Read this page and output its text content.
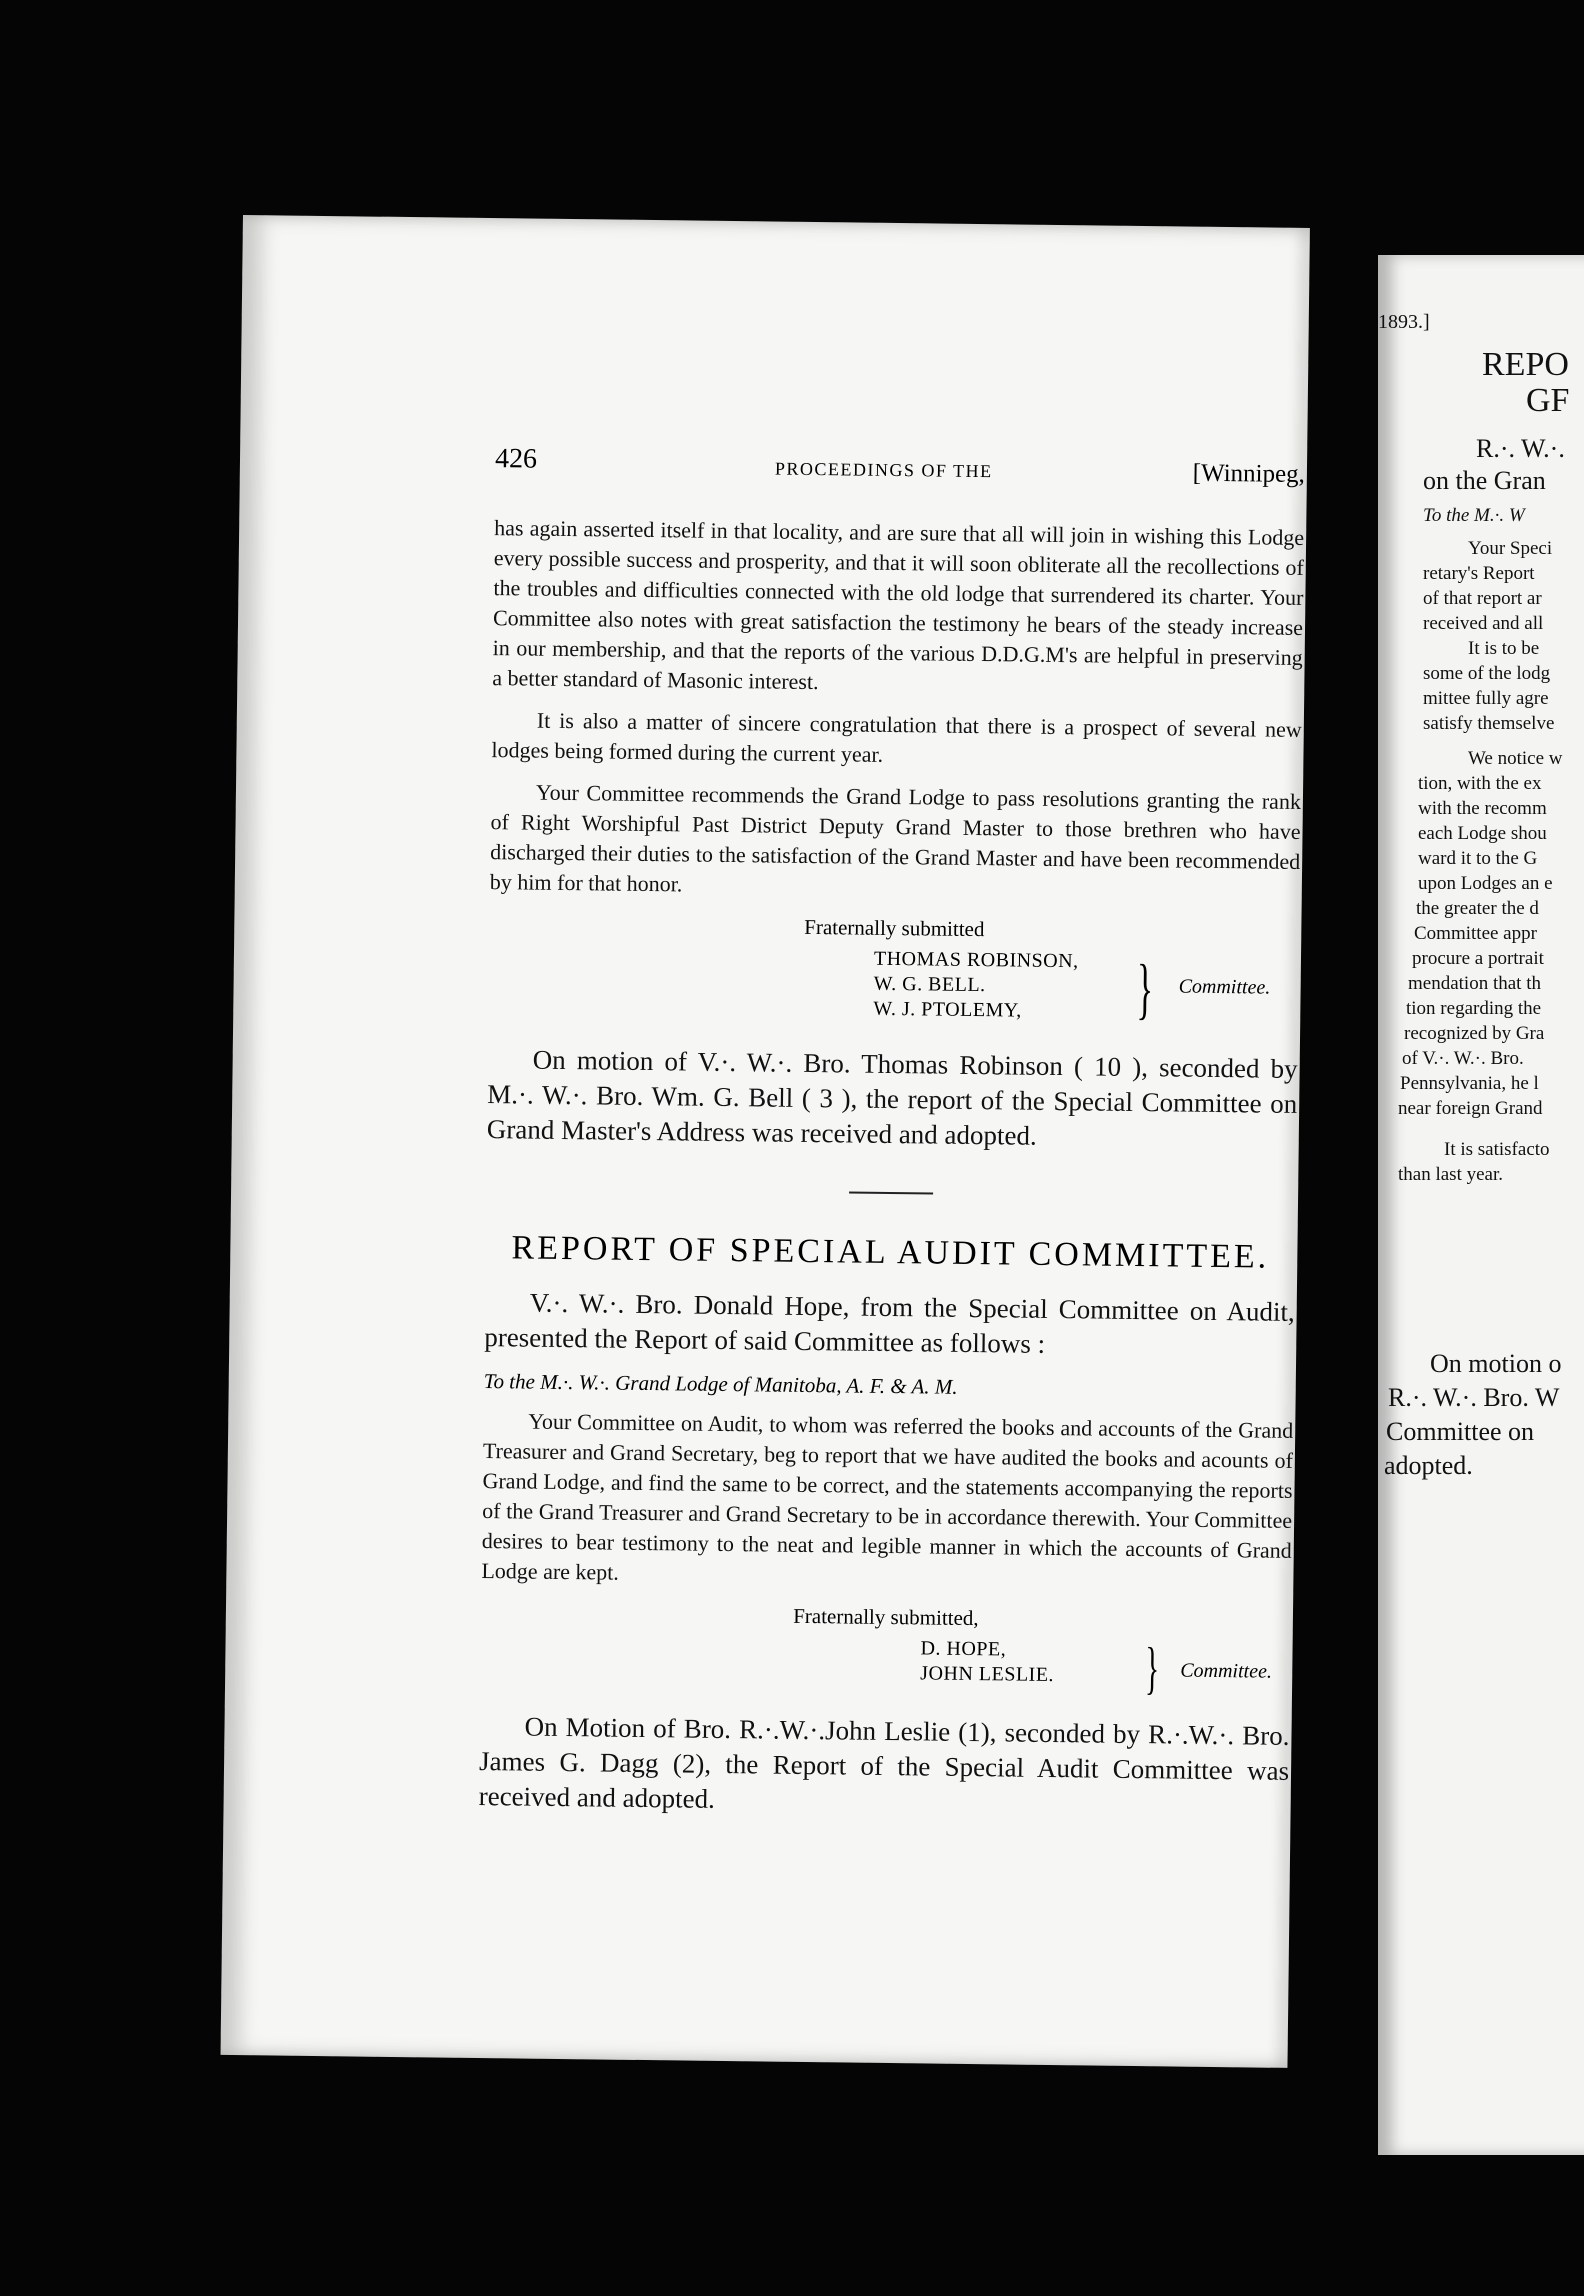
426	PROCEEDINGS OF THE	[Winnipeg,

has again asserted itself in that locality, and are sure that all will join in wishing this Lodge every possible success and prosperity, and that it will soon obliterate all the recollections of the troubles and difficulties connected with the old lodge that surrendered its charter. Your Committee also notes with great satisfaction the testimony he bears of the steady increase in our membership, and that the reports of the various D.D.G.M's are helpful in preserving a better standard of Masonic interest.

It is also a matter of sincere congratulation that there is a prospect of several new lodges being formed during the current year.

Your Committee recommends the Grand Lodge to pass resolutions granting the rank of Right Worshipful Past District Deputy Grand Master to those brethren who have discharged their duties to the satisfaction of the Grand Master and have been recommended by him for that honor.

Fraternally submitted
THOMAS ROBINSON,
W. G. BELL.
W. J. PTOLEMY,	} Committee.

On motion of V.·. W.·. Bro. Thomas Robinson ( 10 ), seconded by M.·. W.·. Bro. Wm. G. Bell ( 3 ), the report of the Special Committee on Grand Master's Address was received and adopted.

REPORT OF SPECIAL AUDIT COMMITTEE.

V.·. W.·. Bro. Donald Hope, from the Special Committee on Audit, presented the Report of said Committee as follows :

To the M.·. W.·. Grand Lodge of Manitoba, A. F. & A. M.

Your Committee on Audit, to whom was referred the books and accounts of the Grand Treasurer and Grand Secretary, beg to report that we have audited the books and acounts of Grand Lodge, and find the same to be correct, and the statements accompanying the reports of the Grand Treasurer and Grand Secretary to be in accordance therewith. Your Committee desires to bear testimony to the neat and legible manner in which the accounts of Grand Lodge are kept.

Fraternally submitted,
D. HOPE,
JOHN LESLIE. } Committee.

On Motion of Bro. R.·.W.·.John Leslie (1), seconded by R.·.W.·. Bro. James G. Dagg (2), the Report of the Special Audit Committee was received and adopted.

1893.]
REPO
GF
R.·. W.·.
on the Gran
To the M.·. W
Your Speci
retary's Report
of that report ar
received and all
It is to be
some of the lodg
mittee fully agre
satisfy themselve
We notice w
tion, with the ex
with the recomm
each Lodge shou
ward it to the G
upon Lodges an e
the greater the d
Committee appr
procure a portrait
mendation that th
tion regarding the
recognized by Gra
of V.·. W.·. Bro.
Pennsylvania, he l
near foreign Grand
It is satisfacto
than last year.
On motion o
R.·. W.·. Bro. W
Committee on
adopted.
